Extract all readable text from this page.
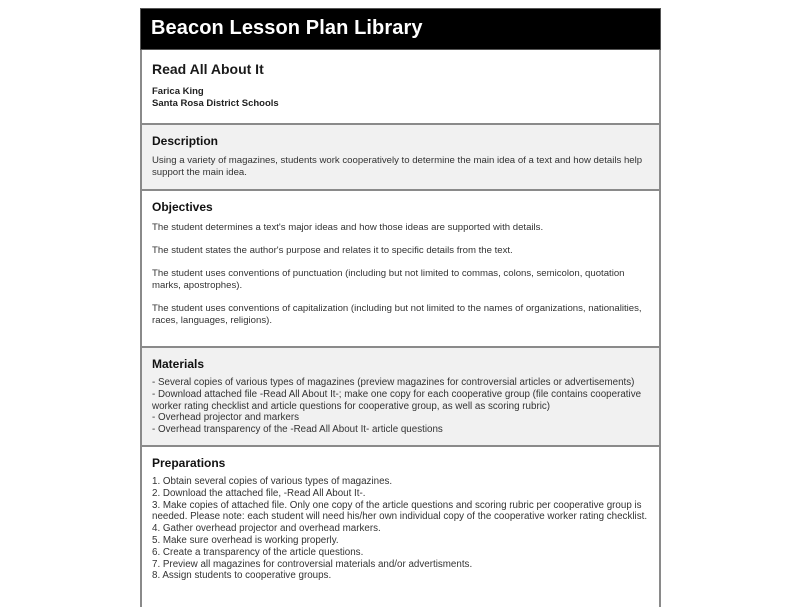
Beacon Lesson Plan Library
Read All About It
Farica King
Santa Rosa District Schools
Description

Using a variety of magazines, students work cooperatively to determine the main idea of a text and how details help support the main idea.

Objectives

The student determines a text's major ideas and how those ideas are supported with details.

The student states the author's purpose and relates it to specific details from the text.

The student uses conventions of punctuation (including but not limited to commas, colons, semicolon, quotation marks, apostrophes).

The student uses conventions of capitalization (including but not limited to the names of organizations, nationalities, races, languages, religions).

Materials
- Several copies of various types of magazines (preview magazines for controversial articles or advertisements)
- Download attached file -Read All About It-; make one copy for each cooperative group (file contains cooperative worker rating checklist and article questions for cooperative group, as well as scoring rubric)
- Overhead projector and markers
- Overhead transparency of the -Read All About It- article questions
Preparations
1. Obtain several copies of various types of magazines.
2. Download the attached file, -Read All About It-.
3. Make copies of attached file. Only one copy of the article questions and scoring rubric per cooperative group is needed. Please note: each student will need his/her own individual copy of the cooperative worker rating checklist.
4. Gather overhead projector and overhead markers.
5. Make sure overhead is working properly.
6. Create a transparency of the article questions.
7. Preview all magazines for controversial materials and/or advertisments.
8. Assign students to cooperative groups.
